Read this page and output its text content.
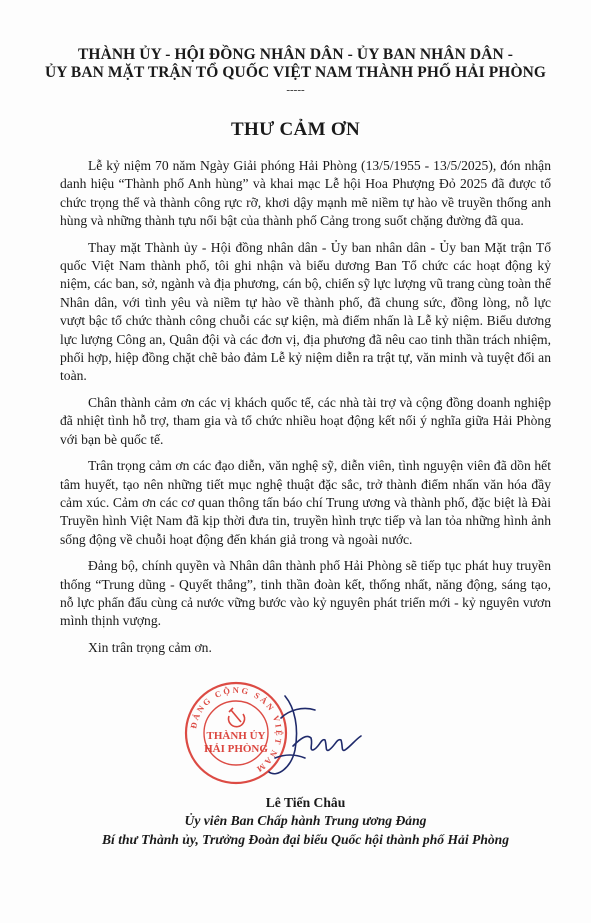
THÀNH ỦY - HỘI ĐỒNG NHÂN DÂN - ỦY BAN NHÂN DÂN -
ỦY BAN MẶT TRẬN TỔ QUỐC VIỆT NAM THÀNH PHỐ HẢI PHÒNG
-----
THƯ CẢM ƠN

Lễ kỷ niệm 70 năm Ngày Giải phóng Hải Phòng (13/5/1955 - 13/5/2025), đón nhận danh hiệu “Thành phố Anh hùng” và khai mạc Lễ hội Hoa Phượng Đỏ 2025 đã được tổ chức trọng thể và thành công rực rỡ, khơi dậy mạnh mẽ niềm tự hào về truyền thống anh hùng và những thành tựu nổi bật của thành phố Cảng trong suốt chặng đường đã qua.

Thay mặt Thành ủy - Hội đồng nhân dân - Ủy ban nhân dân - Ủy ban Mặt trận Tổ quốc Việt Nam thành phố, tôi ghi nhận và biểu dương Ban Tổ chức các hoạt động kỷ niệm, các ban, sở, ngành và địa phương, cán bộ, chiến sỹ lực lượng vũ trang cùng toàn thể Nhân dân, với tình yêu và niềm tự hào về thành phố, đã chung sức, đồng lòng, nỗ lực vượt bậc tổ chức thành công chuỗi các sự kiện, mà điểm nhấn là Lễ kỷ niệm. Biểu dương lực lượng Công an, Quân đội và các đơn vị, địa phương đã nêu cao tinh thần trách nhiệm, phối hợp, hiệp đồng chặt chẽ bảo đảm Lễ kỷ niệm diễn ra trật tự, văn minh và tuyệt đối an toàn.

Chân thành cảm ơn các vị khách quốc tế, các nhà tài trợ và cộng đồng doanh nghiệp đã nhiệt tình hỗ trợ, tham gia và tổ chức nhiều hoạt động kết nối ý nghĩa giữa Hải Phòng với bạn bè quốc tế.

Trân trọng cảm ơn các đạo diễn, văn nghệ sỹ, diễn viên, tình nguyện viên đã dồn hết tâm huyết, tạo nên những tiết mục nghệ thuật đặc sắc, trở thành điểm nhấn văn hóa đầy cảm xúc. Cảm ơn các cơ quan thông tấn báo chí Trung ương và thành phố, đặc biệt là Đài Truyền hình Việt Nam đã kịp thời đưa tin, truyền hình trực tiếp và lan tỏa những hình ảnh sống động về chuỗi hoạt động đến khán giả trong và ngoài nước.

Đảng bộ, chính quyền và Nhân dân thành phố Hải Phòng sẽ tiếp tục phát huy truyền thống “Trung dũng - Quyết thắng”, tinh thần đoàn kết, thống nhất, năng động, sáng tạo, nỗ lực phấn đấu cùng cả nước vững bước vào kỷ nguyên phát triển mới - kỷ nguyên vươn mình thịnh vượng.

Xin trân trọng cảm ơn.

ĐẢNG CỘNG SẢN VIỆT NAM
THÀNH ỦY
HẢI PHÒNG
Lê Tiến Châu
Ủy viên Ban Chấp hành Trung ương Đảng
Bí thư Thành ủy, Trưởng Đoàn đại biểu Quốc hội thành phố Hải Phòng
